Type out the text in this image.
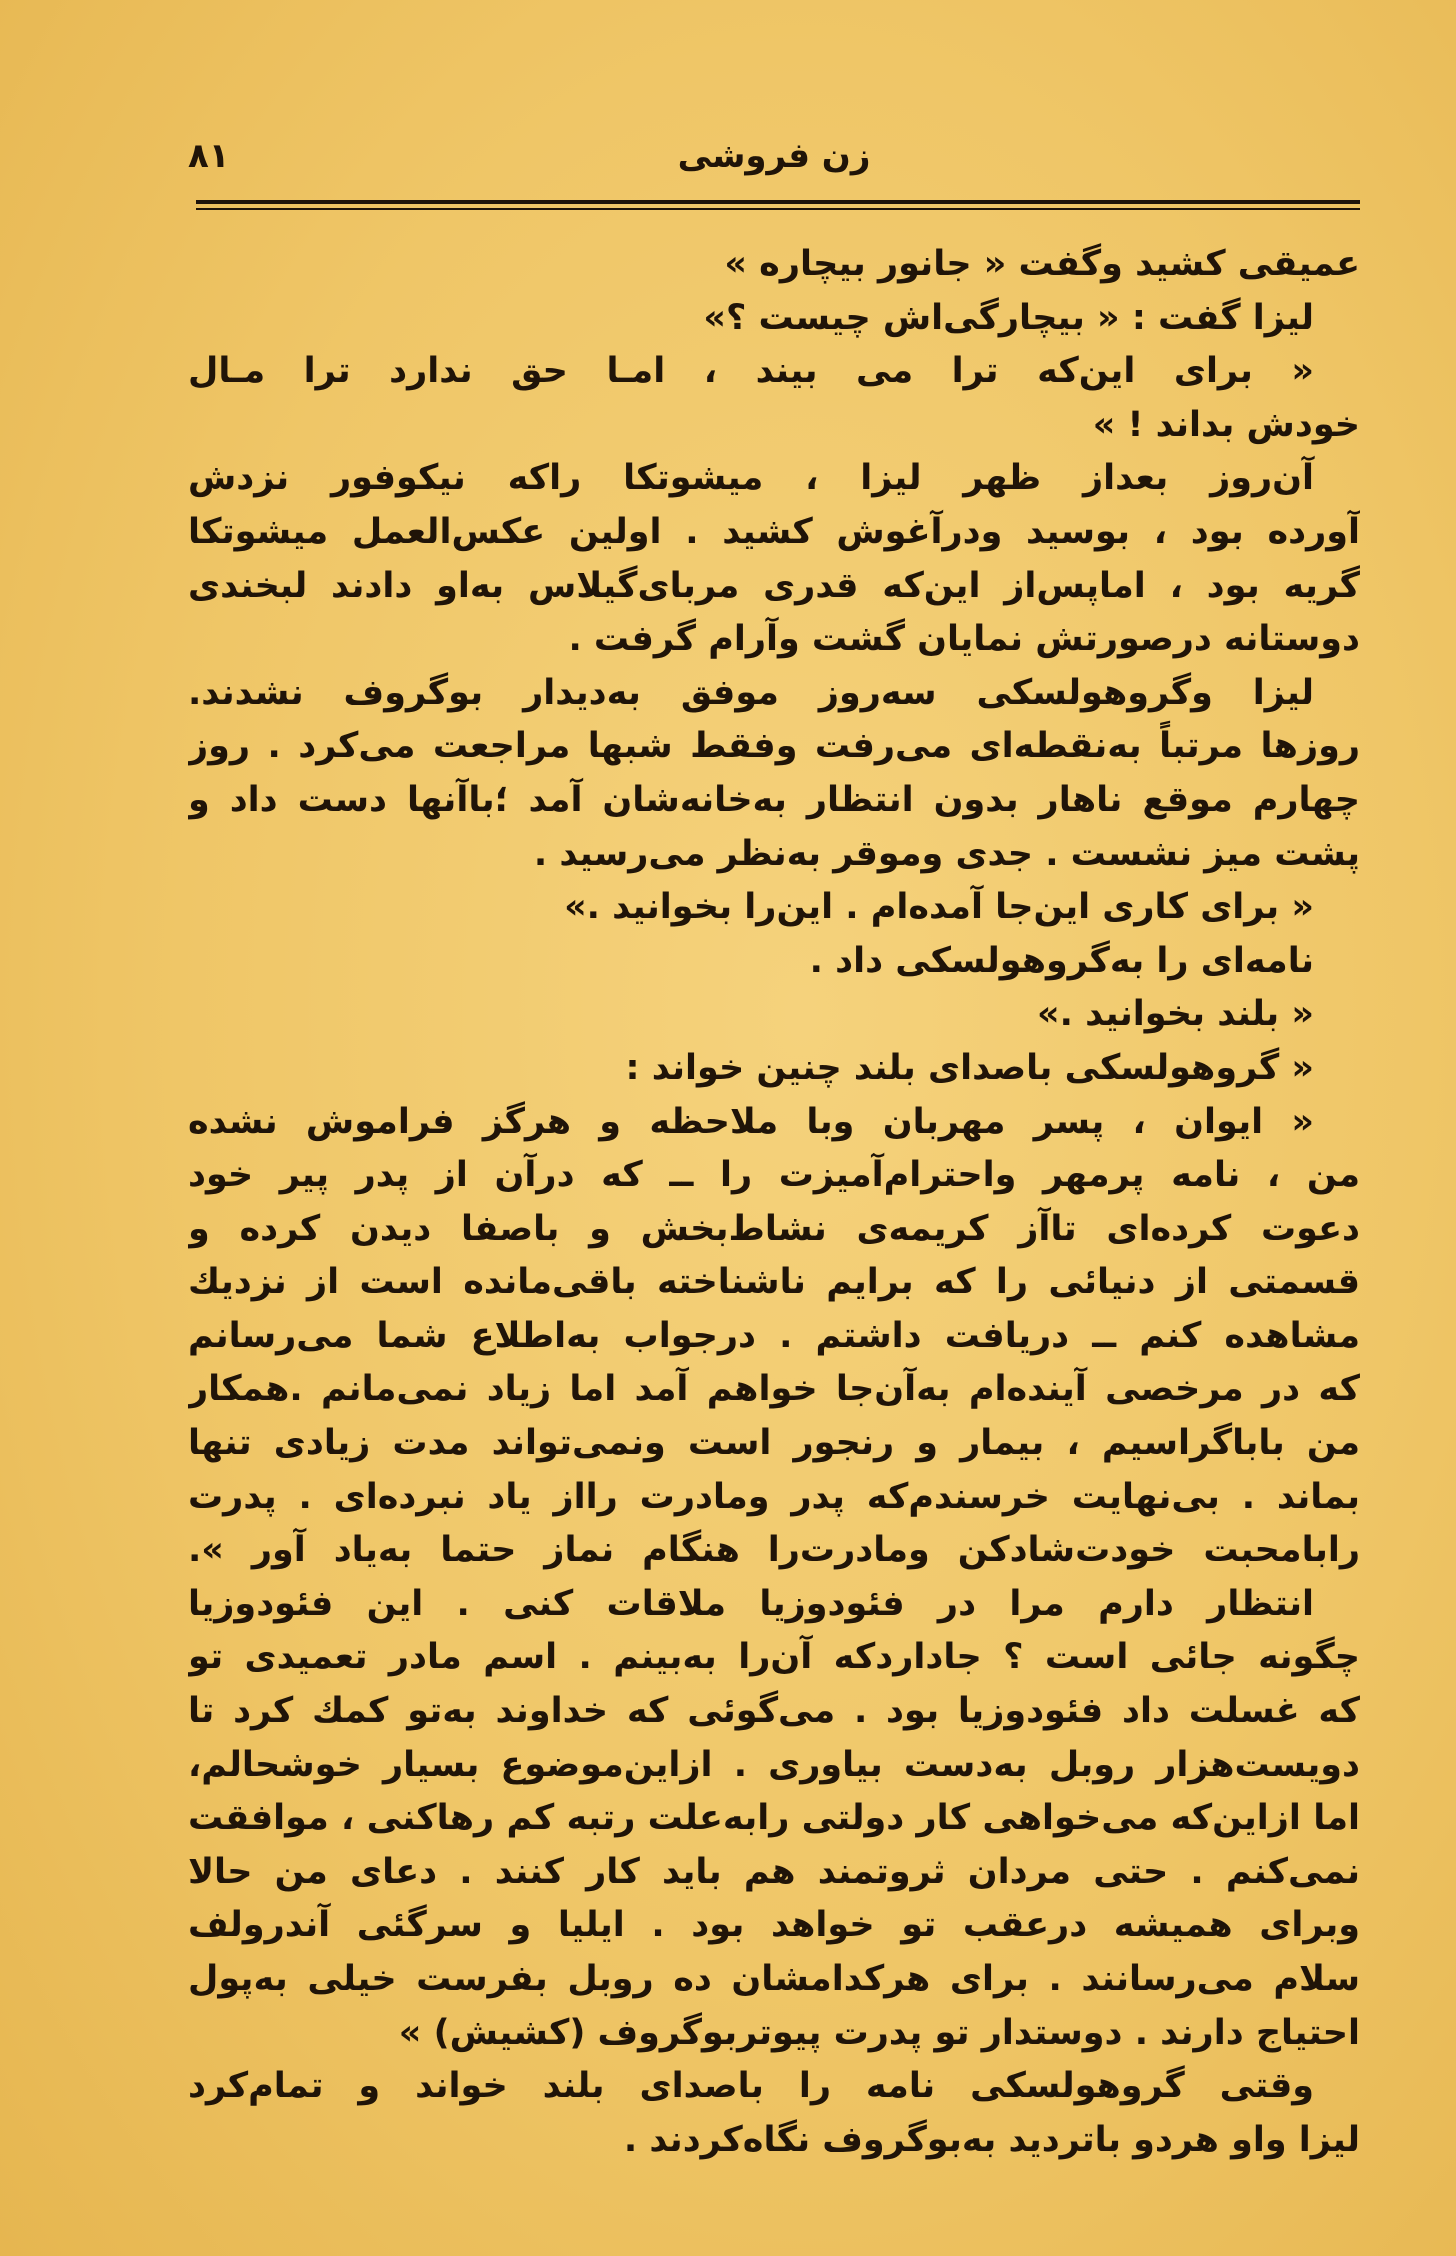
۸۱	زن فروشی
عمیقی کشید وگفت « جانور بیچاره »
لیزا گفت : « بیچارگی‌اش چیست ؟»
« برای این‌که ترا می بیند ، امـا حق ندارد ترا مـال
خودش بداند ! »
آن‌روز بعداز ظهر لیزا ، میشوتکا راکه نیکوفور نزدش
آورده بود ، بوسید ودرآغوش کشید . اولین عکس‌العمل میشوتکا
گریه بود ، اماپس‌از این‌که قدری مربای‌گیلاس به‌او دادند لبخندی
دوستانه درصورتش نمایان گشت وآرام گرفت .
لیزا وگروهولسکی سه‌روز موفق به‌دیدار بوگروف نشدند.
روزها مرتباً به‌نقطه‌ای می‌رفت وفقط شبها مراجعت می‌کرد . روز
چهارم موقع ناهار بدون انتظار به‌خانه‌شان آمد ؛باآنها دست داد و
پشت میز نشست . جدی وموقر به‌نظر می‌رسید .
« برای کاری این‌جا آمده‌ام . این‌را بخوانید .»
نامه‌ای را به‌گروهولسکی داد .
« بلند بخوانید .»
« گروهولسکی باصدای بلند چنین خواند :
« ایوان ، پسر مهربان وبا ملاحظه و هرگز فراموش نشده
من ، نامه پرمهر واحترام‌آمیزت را ــ که درآن از پدر پیر خود
دعوت کرده‌ای تاآز کریمه‌ی نشاط‌بخش و باصفا دیدن کرده و
قسمتی از دنیائی را که برایم ناشناخته باقی‌مانده است از نزدیك
مشاهده کنم ــ دریافت داشتم . درجواب به‌اطلاع شما می‌رسانم
که در مرخصی آینده‌ام به‌آن‌جا خواهم آمد اما زیاد نمی‌مانم .همکار
من باباگراسیم ، بیمار و رنجور است ونمی‌تواند مدت زیادی تنها
بماند . بی‌نهایت خرسندم‌که پدر ومادرت رااز یاد نبرده‌ای . پدرت
رابامحبت خودت‌شادکن ومادرت‌را هنگام نماز حتما به‌یاد آور ».
انتظار دارم مرا در فئودوزیا ملاقات کنی . این فئودوزیا
چگونه جائی است ؟ جادارد‌که آن‌را به‌بینم . اسم مادر تعمیدی تو
که غسلت داد فئودوزیا بود . می‌گوئی که خداوند به‌تو کمك کرد تا
دویست‌هزار روبل به‌دست بیاوری . ازاین‌موضوع بسیار خوشحالم،
اما ازاین‌که می‌خواهی کار دولتی رابه‌علت رتبه کم رهاکنی ، موافقت
نمی‌کنم . حتی مردان ثروتمند هم باید کار کنند . دعای من حالا
وبرای همیشه درعقب تو خواهد بود . ایلیا و سرگئی آندرولف
سلام می‌رسانند . برای هرکدامشان ده روبل بفرست خیلی به‌پول
احتیاج دارند . دوستدار تو پدرت پیوتربوگروف (کشیش) »
وقتی گروهولسکی نامه را باصدای بلند خواند و تمام‌کرد
لیزا واو هردو باتردید به‌بوگروف نگاه‌کردند .
